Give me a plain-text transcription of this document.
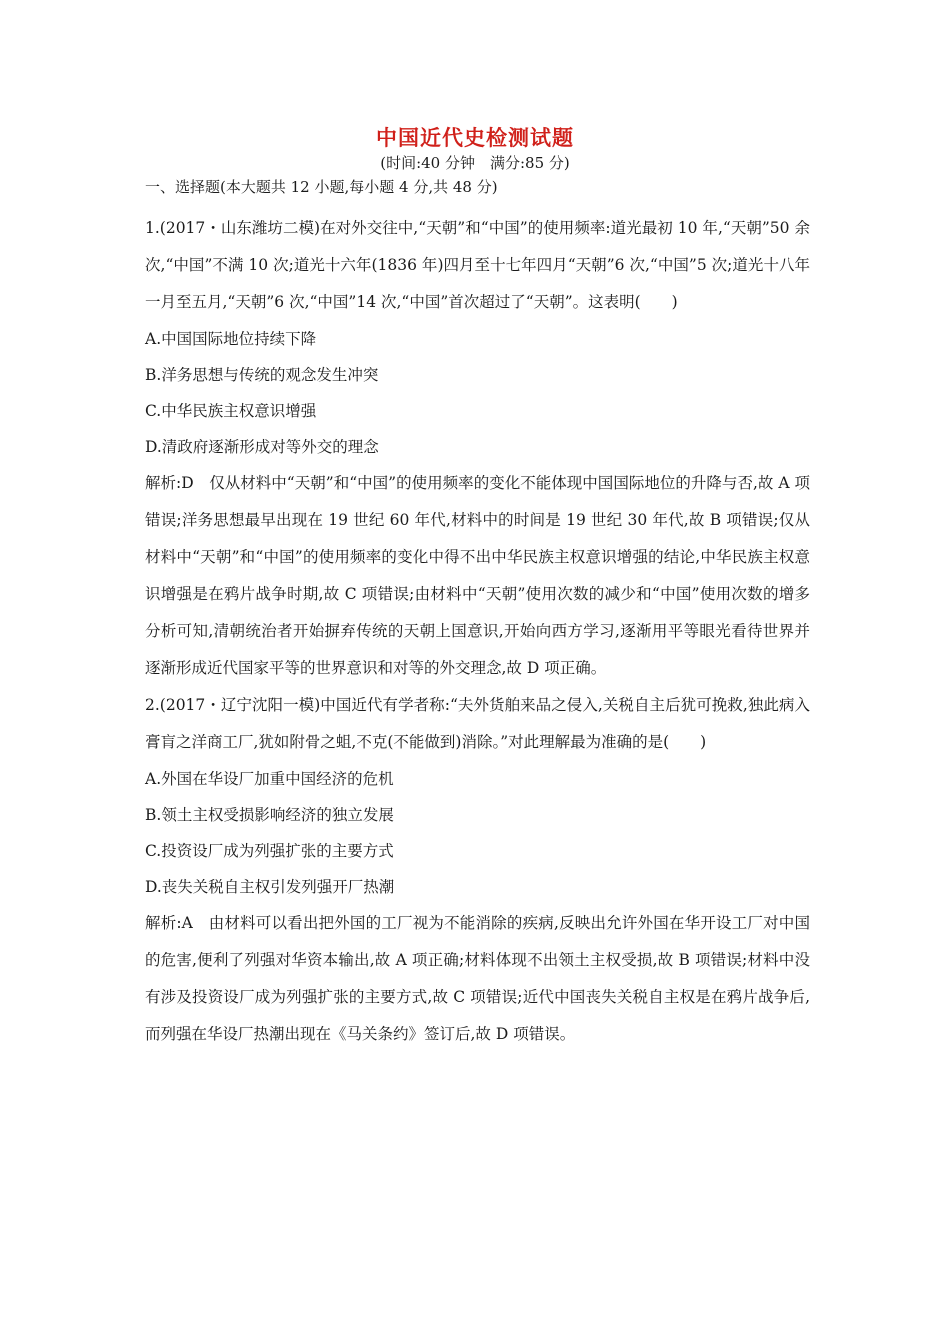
中国近代史检测试题
(时间:40 分钟　满分:85 分)

一、选择题(本大题共 12 小题,每小题 4 分,共 48 分)

1.(2017・山东潍坊二模)在对外交往中,“天朝”和“中国”的使用频率:道光最初 10 年,“天朝”50 余次,“中国”不满 10 次;道光十六年(1836 年)四月至十七年四月“天朝”6 次,“中国”5 次;道光十八年一月至五月,“天朝”6 次,“中国”14 次,“中国”首次超过了“天朝”。这表明(　　)

A.中国国际地位持续下降

B.洋务思想与传统的观念发生冲突

C.中华民族主权意识增强

D.清政府逐渐形成对等外交的理念

解析:D　仅从材料中“天朝”和“中国”的使用频率的变化不能体现中国国际地位的升降与否,故 A 项错误;洋务思想最早出现在 19 世纪 60 年代,材料中的时间是 19 世纪 30 年代,故 B 项错误;仅从材料中“天朝”和“中国”的使用频率的变化中得不出中华民族主权意识增强的结论,中华民族主权意识增强是在鸦片战争时期,故 C 项错误;由材料中“天朝”使用次数的减少和“中国”使用次数的增多分析可知,清朝统治者开始摒弃传统的天朝上国意识,开始向西方学习,逐渐用平等眼光看待世界并逐渐形成近代国家平等的世界意识和对等的外交理念,故 D 项正确。

2.(2017・辽宁沈阳一模)中国近代有学者称:“夫外货舶来品之侵入,关税自主后犹可挽救,独此病入膏肓之洋商工厂,犹如附骨之蛆,不克(不能做到)消除。”对此理解最为准确的是(　　)

A.外国在华设厂加重中国经济的危机

B.领土主权受损影响经济的独立发展

C.投资设厂成为列强扩张的主要方式

D.丧失关税自主权引发列强开厂热潮

解析:A　由材料可以看出把外国的工厂视为不能消除的疾病,反映出允许外国在华开设工厂对中国的危害,便利了列强对华资本输出,故 A 项正确;材料体现不出领土主权受损,故 B 项错误;材料中没有涉及投资设厂成为列强扩张的主要方式,故 C 项错误;近代中国丧失关税自主权是在鸦片战争后,而列强在华设厂热潮出现在《马关条约》签订后,故 D 项错误。
